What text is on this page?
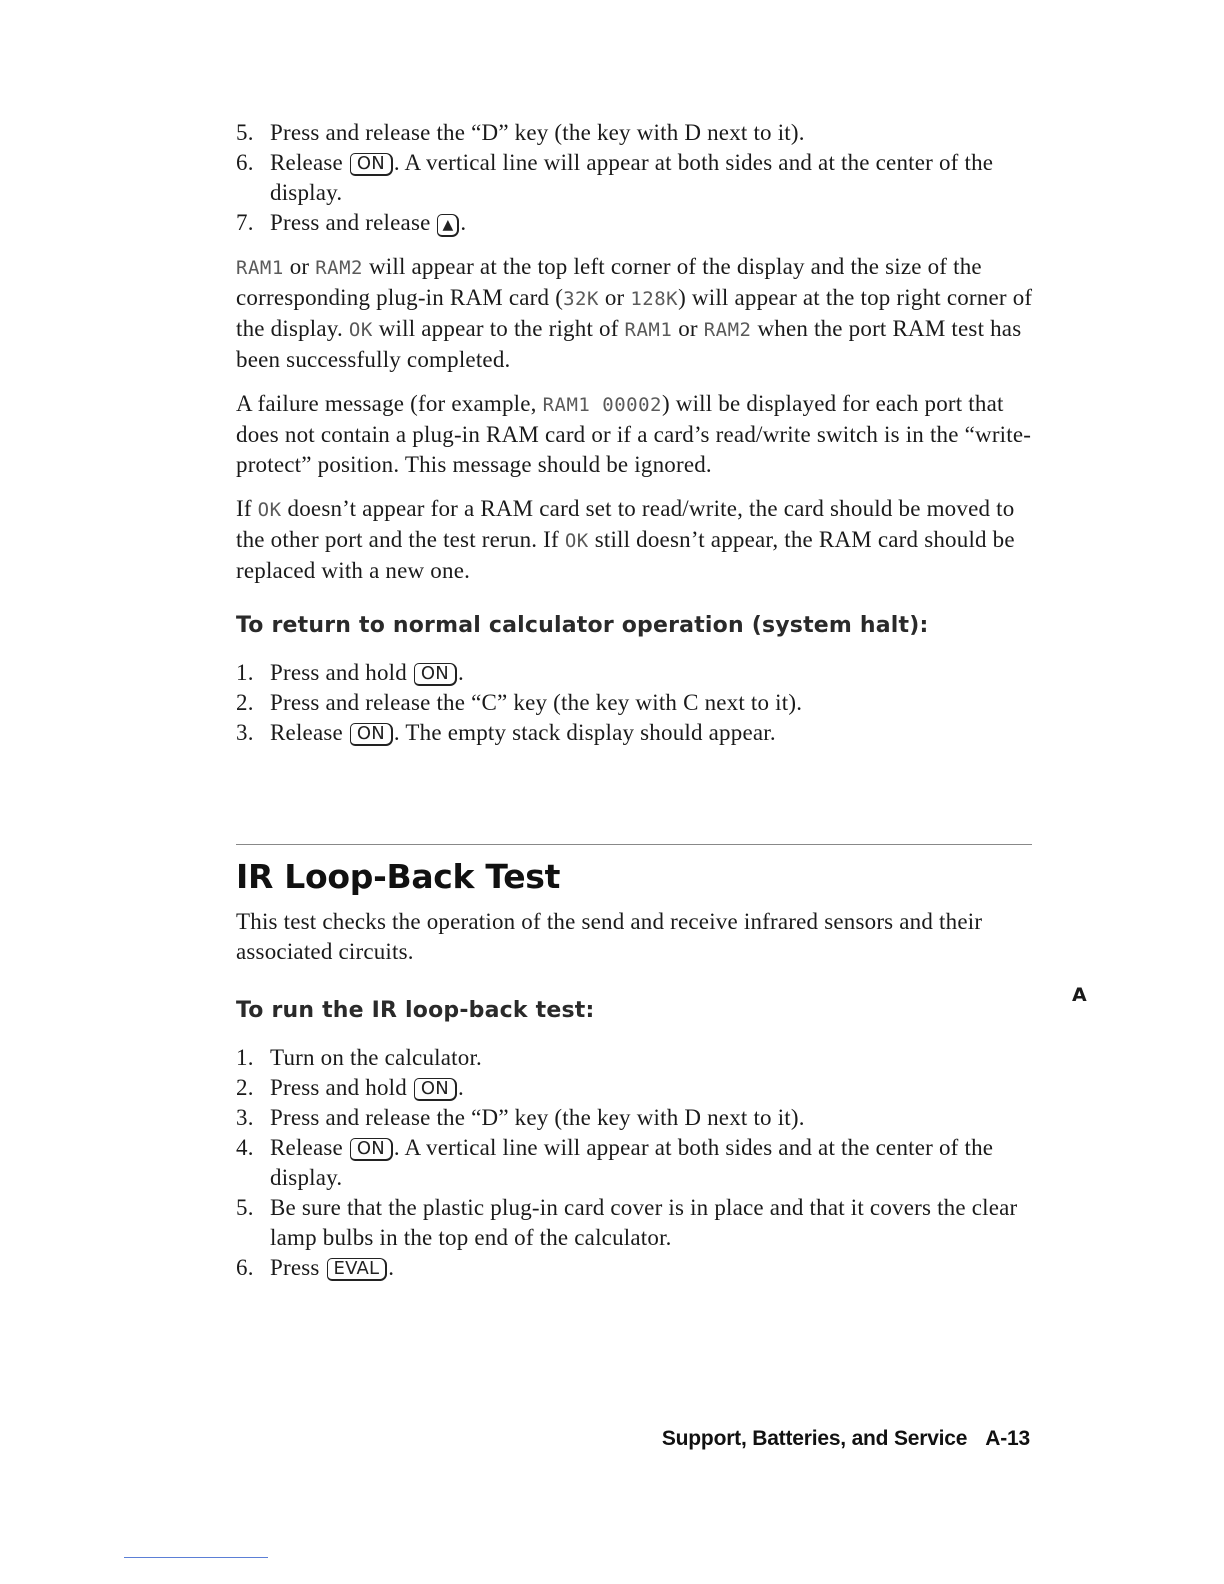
5. Press and release the “D” key (the key with D next to it).
6. Release ON . A vertical line will appear at both sides and at the center of the display.
7. Press and release ▲ .

RAM1 or RAM2 will appear at the top left corner of the display and the size of the corresponding plug-in RAM card (32K or 128K) will appear at the top right corner of the display. OK will appear to the right of RAM1 or RAM2 when the port RAM test has been successfully completed.

A failure message (for example, RAM1 00002) will be displayed for each port that does not contain a plug-in RAM card or if a card’s read/write switch is in the “write-protect” position. This message should be ignored.

If OK doesn’t appear for a RAM card set to read/write, the card should be moved to the other port and the test rerun. If OK still doesn’t appear, the RAM card should be replaced with a new one.

To return to normal calculator operation (system halt):
1. Press and hold ON .
2. Press and release the “C” key (the key with C next to it).
3. Release ON . The empty stack display should appear.
IR Loop-Back Test

This test checks the operation of the send and receive infrared sensors and their associated circuits.

To run the IR loop-back test:
1. Turn on the calculator.
2. Press and hold ON .
3. Press and release the “D” key (the key with D next to it).
4. Release ON . A vertical line will appear at both sides and at the center of the display.
5. Be sure that the plastic plug-in card cover is in place and that it covers the clear lamp bulbs in the top end of the calculator.
6. Press EVAL .
A
Support, Batteries, and Service A-13
